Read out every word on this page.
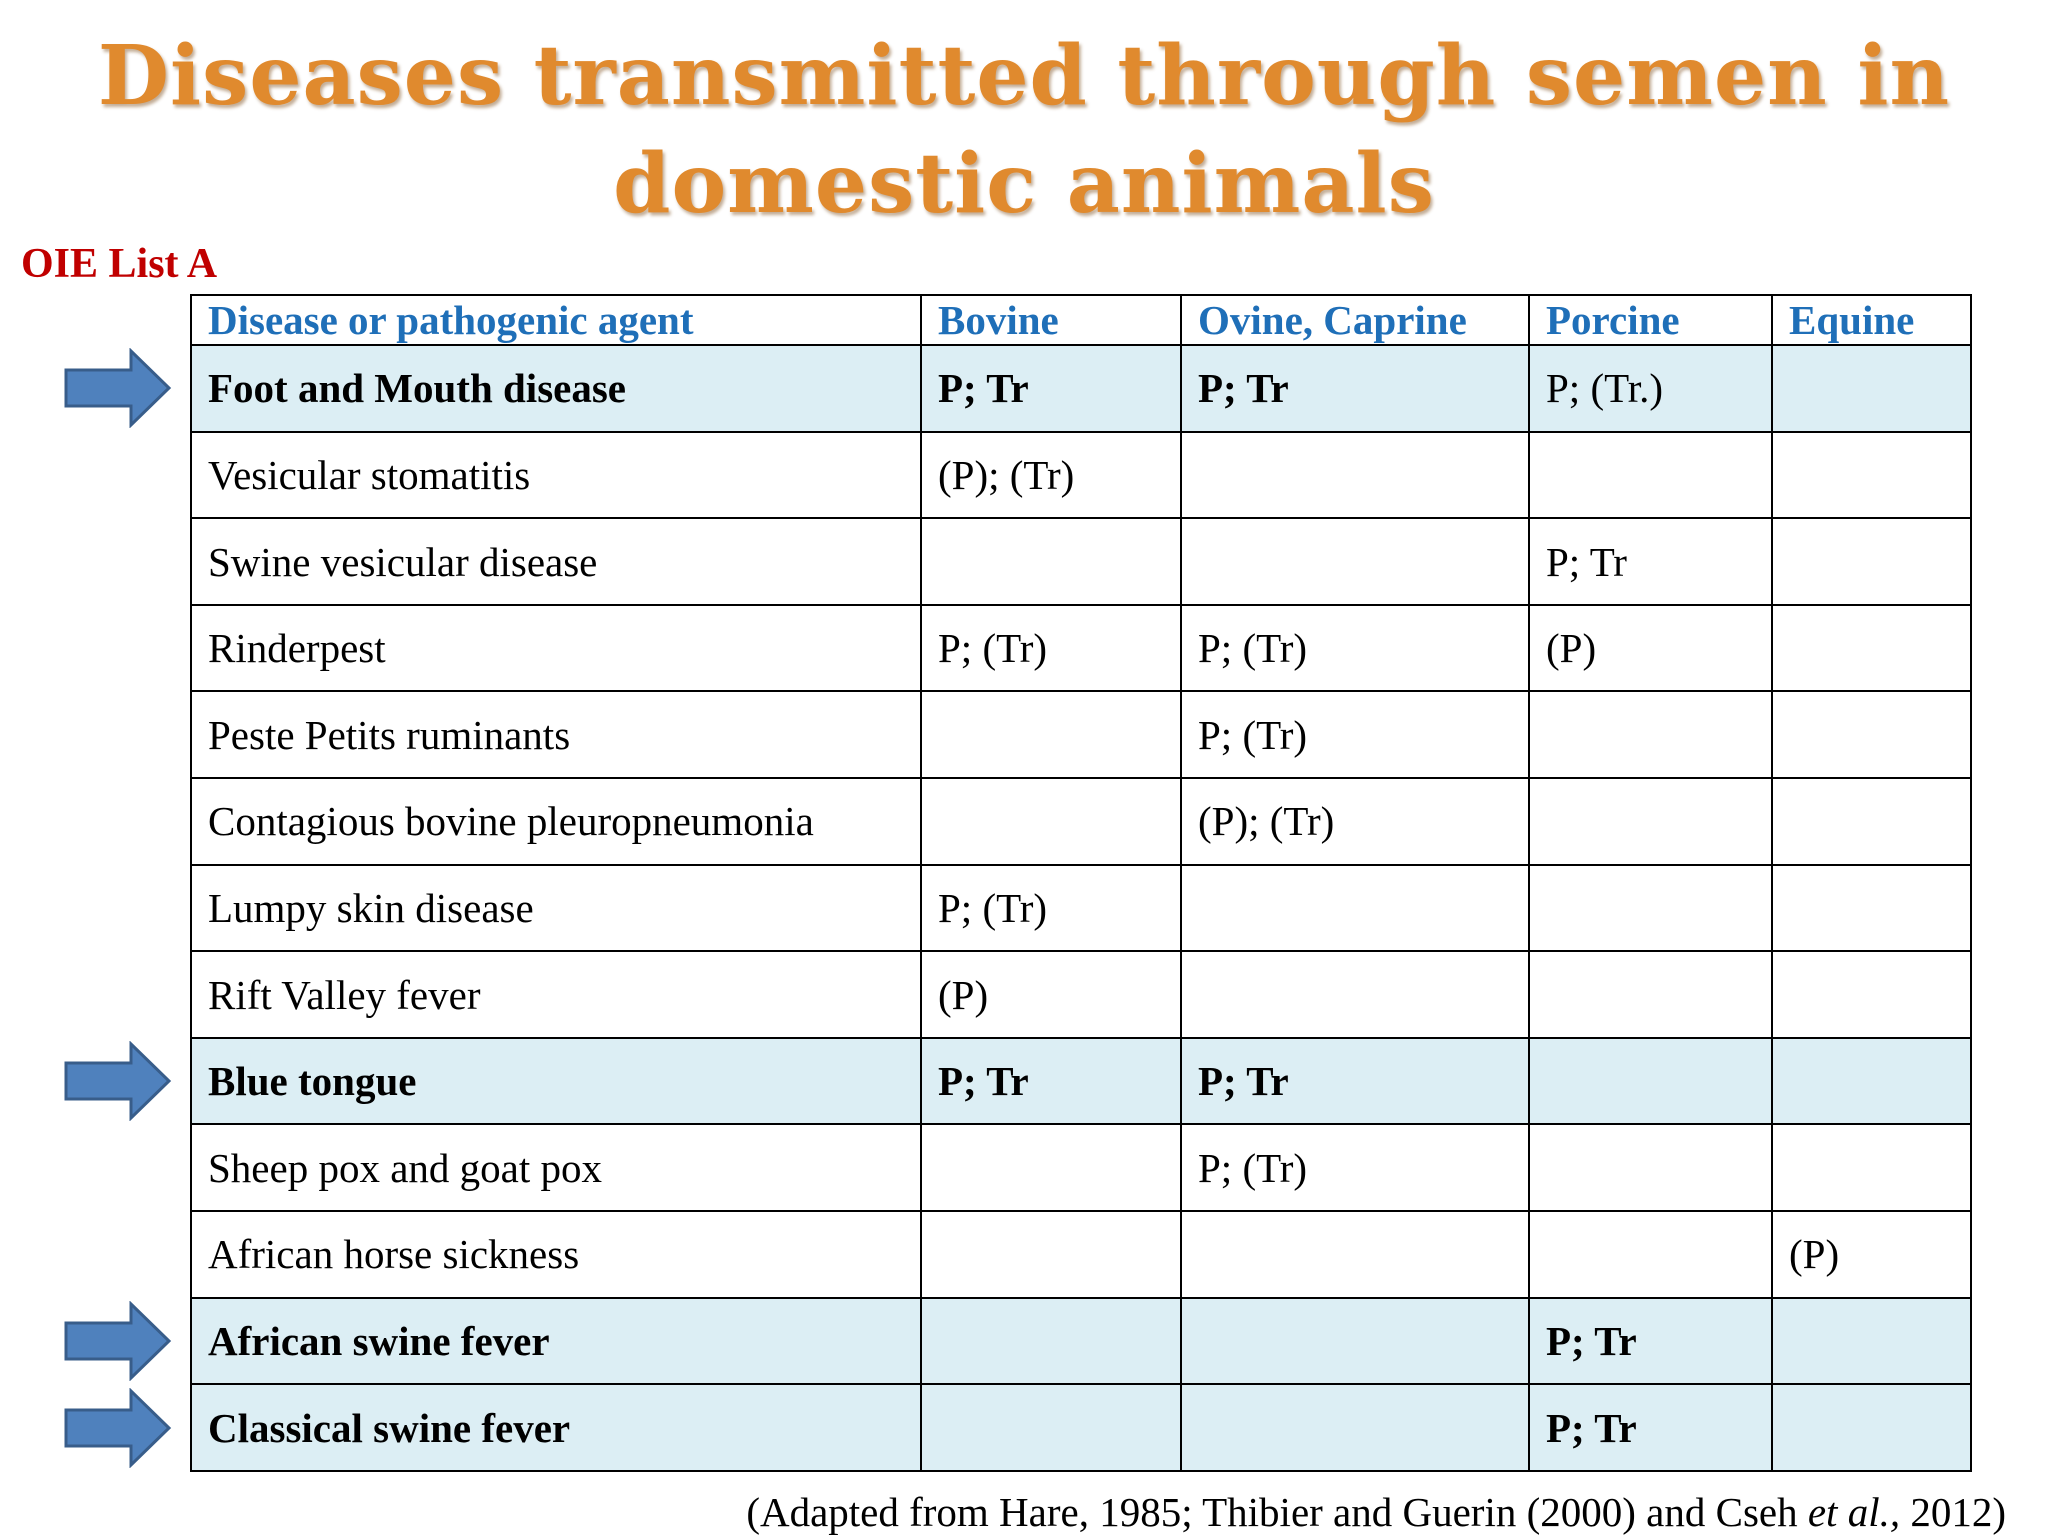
Diseases transmitted through semen in domestic animals
OIE List A
Disease or pathogenic agent	Bovine	Ovine, Caprine	Porcine	Equine
Foot and Mouth disease	P; Tr	P; Tr	P; (Tr.)	
Vesicular stomatitis	(P); (Tr)			
Swine vesicular disease			P; Tr	
Rinderpest	P; (Tr)	P; (Tr)	(P)	
Peste Petits ruminants		P; (Tr)		
Contagious bovine pleuropneumonia		(P); (Tr)		
Lumpy skin disease	P; (Tr)			
Rift Valley fever	(P)			
Blue tongue	P; Tr	P; Tr		
Sheep pox and goat pox		P; (Tr)		
African horse sickness				(P)
African swine fever			P; Tr	
Classical swine fever			P; Tr	
(Adapted from Hare, 1985; Thibier and Guerin (2000) and Cseh et al., 2012)
